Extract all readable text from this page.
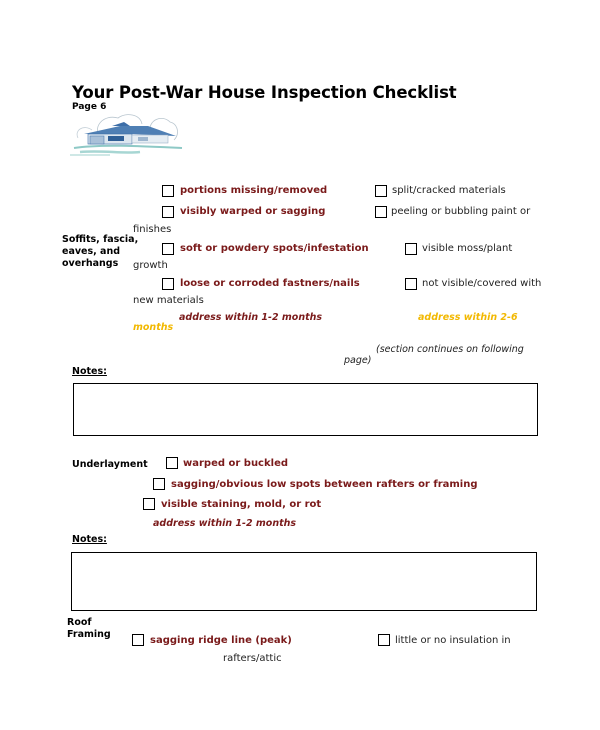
Your Post-War House Inspection Checklist
Page 6
Soffits, fascia,
eaves, and
overhangs
portions missing/removed	split/cracked materials
visibly warped or sagging	peeling or bubbling paint or
finishes
soft or powdery spots/infestation	visible moss/plant
growth
loose or corroded fastners/nails	not visible/covered with
new materials
address within 1-2 months	address within 2-6
months
(section continues on following
page)
Notes:
Underlayment	warped or buckled
sagging/obvious low spots between rafters or framing
visible staining, mold, or rot
address within 1-2 months
Notes:
Roof
Framing
sagging ridge line (peak)	little or no insulation in
rafters/attic
